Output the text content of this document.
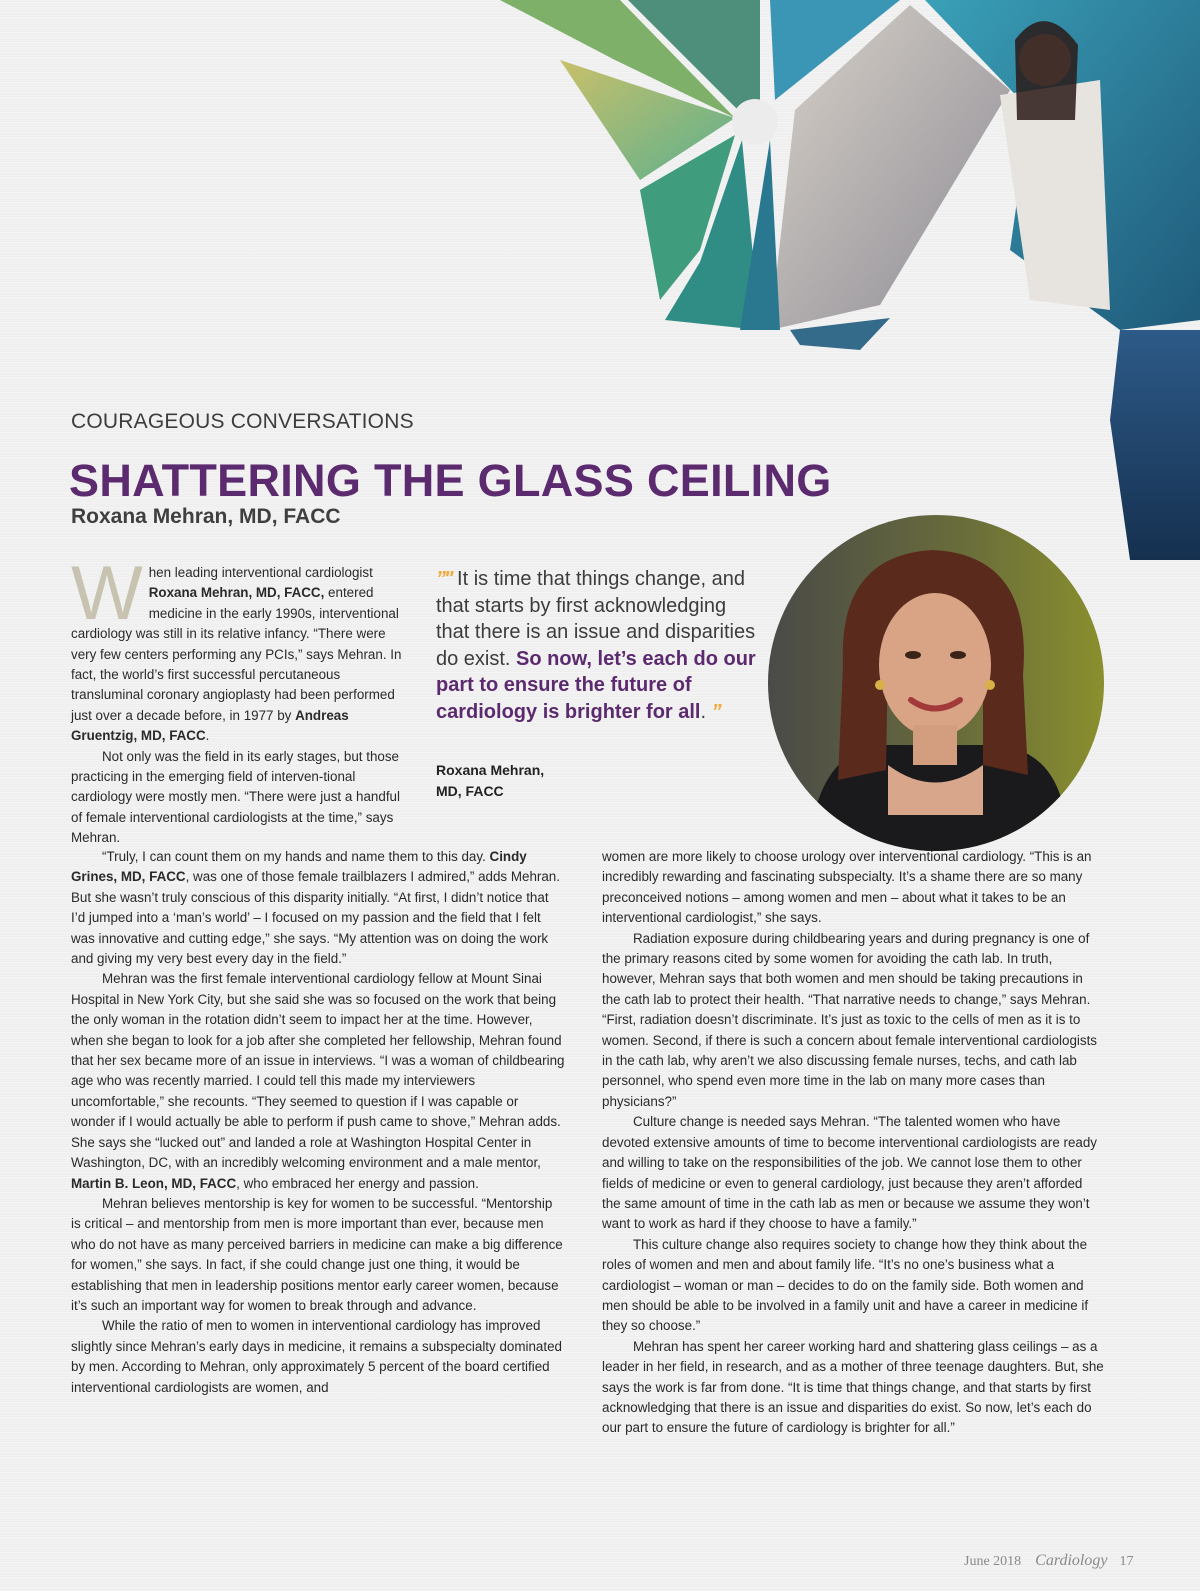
COURAGEOUS CONVERSATIONS
SHATTERING THE GLASS CEILING
Roxana Mehran, MD, FACC

When leading interventional cardiologist Roxana Mehran, MD, FACC, entered medicine in the early 1990s, interventional cardiology was still in its relative infancy. “There were very few centers performing any PCIs,” says Mehran. In fact, the world’s first successful percutaneous transluminal coronary angioplasty had been performed just over a decade before, in 1977 by Andreas Gruentzig, MD, FACC.

Not only was the field in its early stages, but those practicing in the emerging field of interven-tional cardiology were mostly men. “There were just a handful of female interventional cardiologists at the time,” says Mehran.

”" It is time that things change, and that starts by first acknowledging that there is an issue and disparities do exist. So now, let’s each do our part to ensure the future of cardiology is brighter for all. ”
Roxana Mehran,
MD, FACC

“Truly, I can count them on my hands and name them to this day. Cindy Grines, MD, FACC, was one of those female trailblazers I admired,” adds Mehran. But she wasn’t truly conscious of this disparity initially. “At first, I didn’t notice that I’d jumped into a ‘man’s world’ – I focused on my passion and the field that I felt was innovative and cutting edge,” she says. “My attention was on doing the work and giving my very best every day in the field.”

Mehran was the first female interventional cardiology fellow at Mount Sinai Hospital in New York City, but she said she was so focused on the work that being the only woman in the rotation didn’t seem to impact her at the time. However, when she began to look for a job after she completed her fellowship, Mehran found that her sex became more of an issue in interviews. “I was a woman of childbearing age who was recently married. I could tell this made my interviewers uncomfortable,” she recounts. “They seemed to question if I was capable or wonder if I would actually be able to perform if push came to shove,” Mehran adds. She says she “lucked out” and landed a role at Washington Hospital Center in Washington, DC, with an incredibly welcoming environment and a male mentor, Martin B. Leon, MD, FACC, who embraced her energy and passion.

Mehran believes mentorship is key for women to be successful. “Mentorship is critical – and mentorship from men is more important than ever, because men who do not have as many perceived barriers in medicine can make a big difference for women,” she says. In fact, if she could change just one thing, it would be establishing that men in leadership positions mentor early career women, because it’s such an important way for women to break through and advance.

While the ratio of men to women in interventional cardiology has improved slightly since Mehran’s early days in medicine, it remains a subspecialty dominated by men. According to Mehran, only approximately 5 percent of the board certified interventional cardiologists are women, and

women are more likely to choose urology over interventional cardiology. “This is an incredibly rewarding and fascinating subspecialty. It’s a shame there are so many preconceived notions – among women and men – about what it takes to be an interventional cardiologist,” she says.

Radiation exposure during childbearing years and during pregnancy is one of the primary reasons cited by some women for avoiding the cath lab. In truth, however, Mehran says that both women and men should be taking precautions in the cath lab to protect their health. “That narrative needs to change,” says Mehran. “First, radiation doesn’t discriminate. It’s just as toxic to the cells of men as it is to women. Second, if there is such a concern about female interventional cardiologists in the cath lab, why aren’t we also discussing female nurses, techs, and cath lab personnel, who spend even more time in the lab on many more cases than physicians?”

Culture change is needed says Mehran. “The talented women who have devoted extensive amounts of time to become interventional cardiologists are ready and willing to take on the responsibilities of the job. We cannot lose them to other fields of medicine or even to general cardiology, just because they aren’t afforded the same amount of time in the cath lab as men or because we assume they won’t want to work as hard if they choose to have a family.”

This culture change also requires society to change how they think about the roles of women and men and about family life. “It’s no one’s business what a cardiologist – woman or man – decides to do on the family side. Both women and men should be able to be involved in a family unit and have a career in medicine if they so choose.”

Mehran has spent her career working hard and shattering glass ceilings – as a leader in her field, in research, and as a mother of three teenage daughters. But, she says the work is far from done. “It is time that things change, and that starts by first acknowledging that there is an issue and disparities do exist. So now, let’s each do our part to ensure the future of cardiology is brighter for all.”

June 2018 Cardiology 17
